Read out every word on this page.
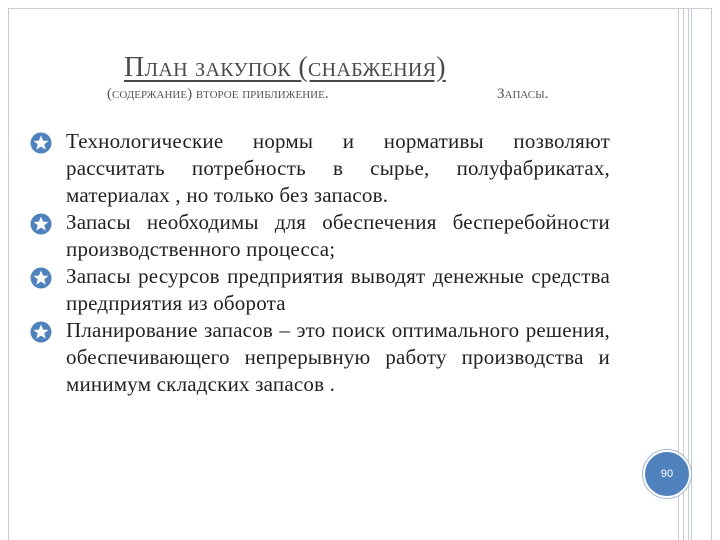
План закупок (снабжения)

(содержание) второе приближение.	Запасы.

Технологические нормы и нормативы позволяют рассчитать потребность в сырье, полуфабрикатах, материалах , но только без запасов.
Запасы необходимы для обеспечения бесперебойности производственного процесса;
Запасы ресурсов предприятия выводят денежные средства предприятия из оборота
Планирование запасов – это поиск оптимального решения, обеспечивающего непрерывную работу производства и минимум складских запасов .
90
